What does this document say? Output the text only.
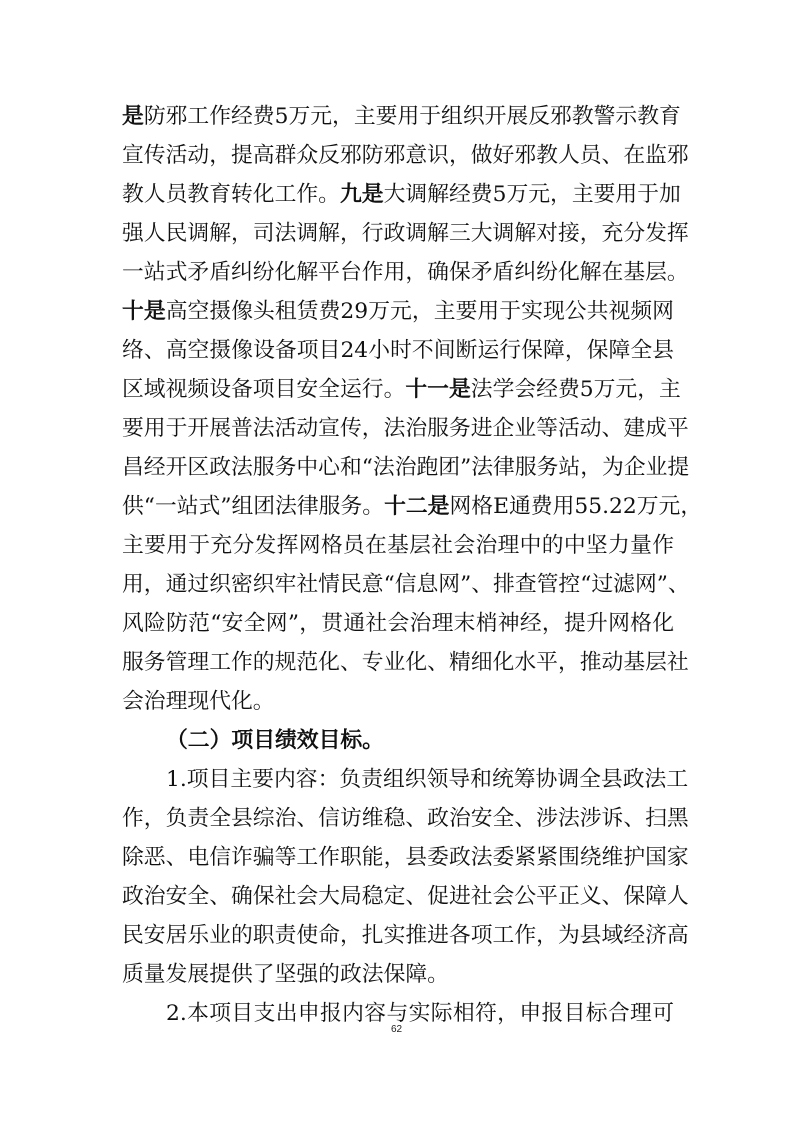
是防邪工作经费5万元，主要用于组织开展反邪教警示教育
宣传活动，提高群众反邪防邪意识，做好邪教人员、在监邪
教人员教育转化工作。九是大调解经费5万元，主要用于加
强人民调解，司法调解，行政调解三大调解对接，充分发挥
一站式矛盾纠纷化解平台作用，确保矛盾纠纷化解在基层。
十是高空摄像头租赁费29万元，主要用于实现公共视频网
络、高空摄像设备项目24小时不间断运行保障，保障全县
区域视频设备项目安全运行。十一是法学会经费5万元，主
要用于开展普法活动宣传，法治服务进企业等活动、建成平
昌经开区政法服务中心和“法治跑团”法律服务站，为企业提
供“一站式”组团法律服务。十二是网格E通费用55.22万元，
主要用于充分发挥网格员在基层社会治理中的中坚力量作
用，通过织密织牢社情民意“信息网”、排查管控“过滤网”、
风险防范“安全网”，贯通社会治理末梢神经，提升网格化
服务管理工作的规范化、专业化、精细化水平，推动基层社
会治理现代化。
（二）项目绩效目标。
1.项目主要内容：负责组织领导和统筹协调全县政法工
作，负责全县综治、信访维稳、政治安全、涉法涉诉、扫黑
除恶、电信诈骗等工作职能，县委政法委紧紧围绕维护国家
政治安全、确保社会大局稳定、促进社会公平正义、保障人
民安居乐业的职责使命，扎实推进各项工作，为县域经济高
质量发展提供了坚强的政法保障。
2.本项目支出申报内容与实际相符，申报目标合理可
62
